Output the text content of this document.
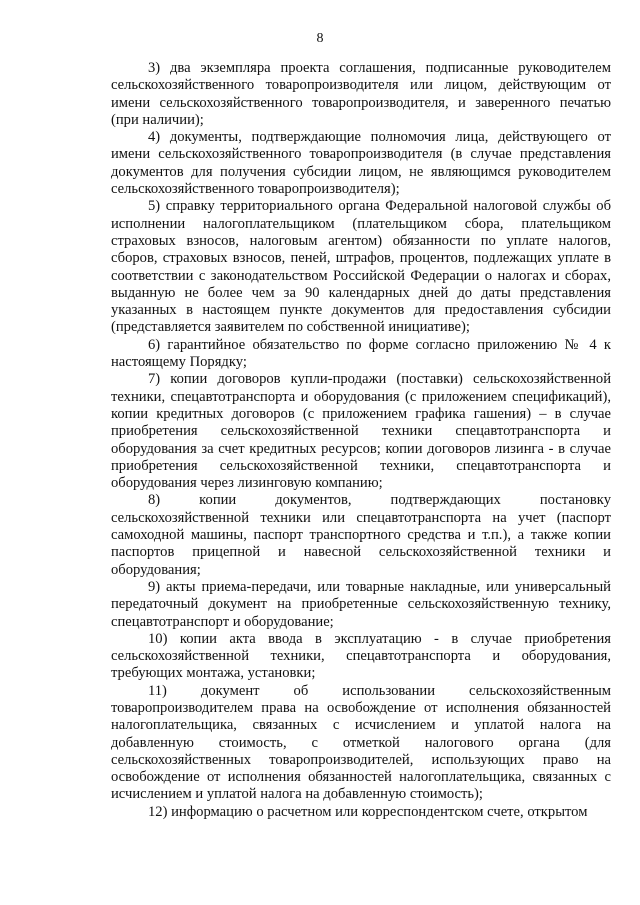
8

3) два экземпляра проекта соглашения, подписанные руководителем сельскохозяйственного товаропроизводителя или лицом, действующим от имени сельскохозяйственного товаропроизводителя, и заверенного печатью (при наличии);

4) документы, подтверждающие полномочия лица, действующего от имени сельскохозяйственного товаропроизводителя (в случае представления документов для получения субсидии лицом, не являющимся руководителем сельскохозяйственного товаропроизводителя);

5) справку территориального органа Федеральной налоговой службы об исполнении налогоплательщиком (плательщиком сбора, плательщиком страховых взносов, налоговым агентом) обязанности по уплате налогов, сборов, страховых взносов, пеней, штрафов, процентов, подлежащих уплате в соответствии с законодательством Российской Федерации о налогах и сборах, выданную не более чем за 90 календарных дней до даты представления указанных в настоящем пункте документов для предоставления субсидии (представляется заявителем по собственной инициативе);

6) гарантийное обязательство по форме согласно приложению № 4 к настоящему Порядку;

7) копии договоров купли-продажи (поставки) сельскохозяйственной техники, спецавтотранспорта и оборудования (с приложением спецификаций), копии кредитных договоров (с приложением графика гашения) – в случае приобретения сельскохозяйственной техники спецавтотранспорта и оборудования за счет кредитных ресурсов; копии договоров лизинга - в случае приобретения сельскохозяйственной техники, спецавтотранспорта и оборудования через лизинговую компанию;

8) копии документов, подтверждающих постановку сельскохозяйственной техники или спецавтотранспорта на учет (паспорт самоходной машины, паспорт транспортного средства и т.п.), а также копии паспортов прицепной и навесной сельскохозяйственной техники и оборудования;

9) акты приема-передачи, или товарные накладные, или универсальный передаточный документ на приобретенные сельскохозяйственную технику, спецавтотранспорт и оборудование;

10) копии акта ввода в эксплуатацию - в случае приобретения сельскохозяйственной техники, спецавтотранспорта и оборудования, требующих монтажа, установки;

11) документ об использовании сельскохозяйственным товаропроизводителем права на освобождение от исполнения обязанностей налогоплательщика, связанных с исчислением и уплатой налога на добавленную стоимость, с отметкой налогового органа (для сельскохозяйственных товаропроизводителей, использующих право на освобождение от исполнения обязанностей налогоплательщика, связанных с исчислением и уплатой налога на добавленную стоимость);

12) информацию о расчетном или корреспондентском счете, открытом
